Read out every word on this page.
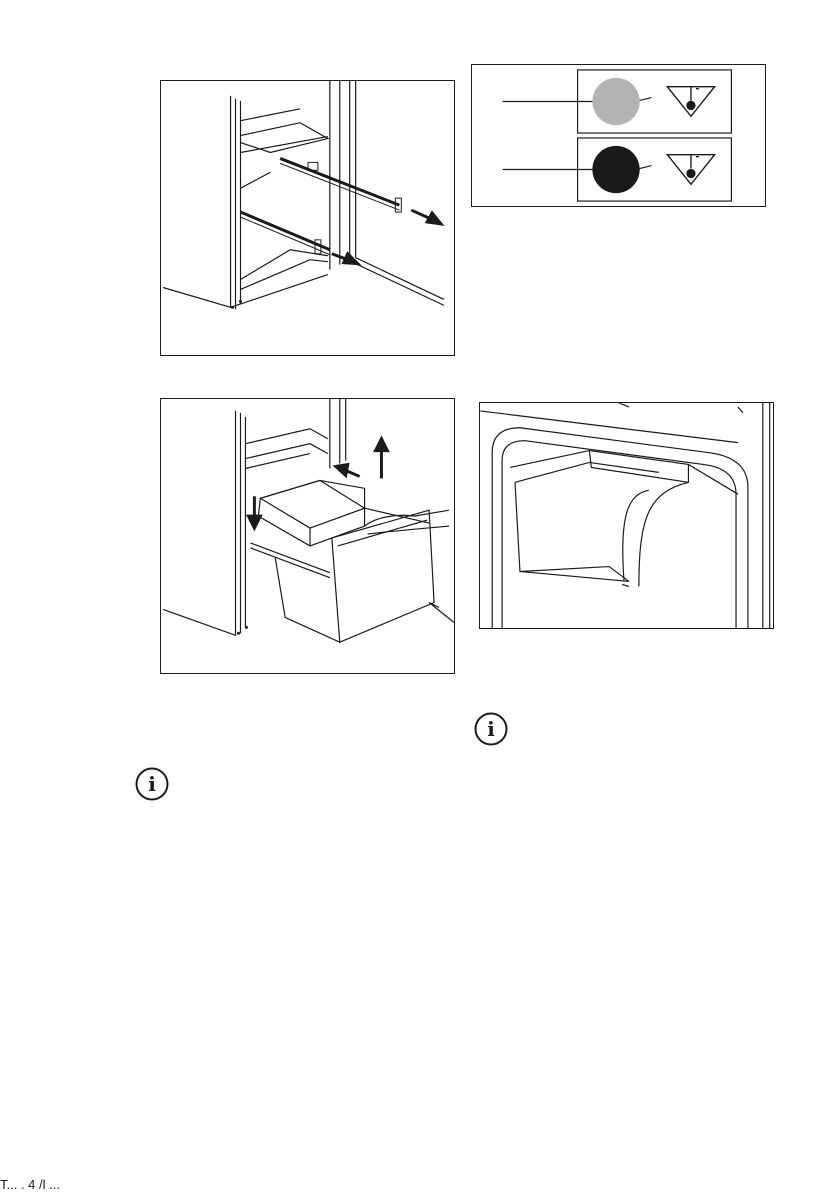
i
i
T... . 4 /l ...
